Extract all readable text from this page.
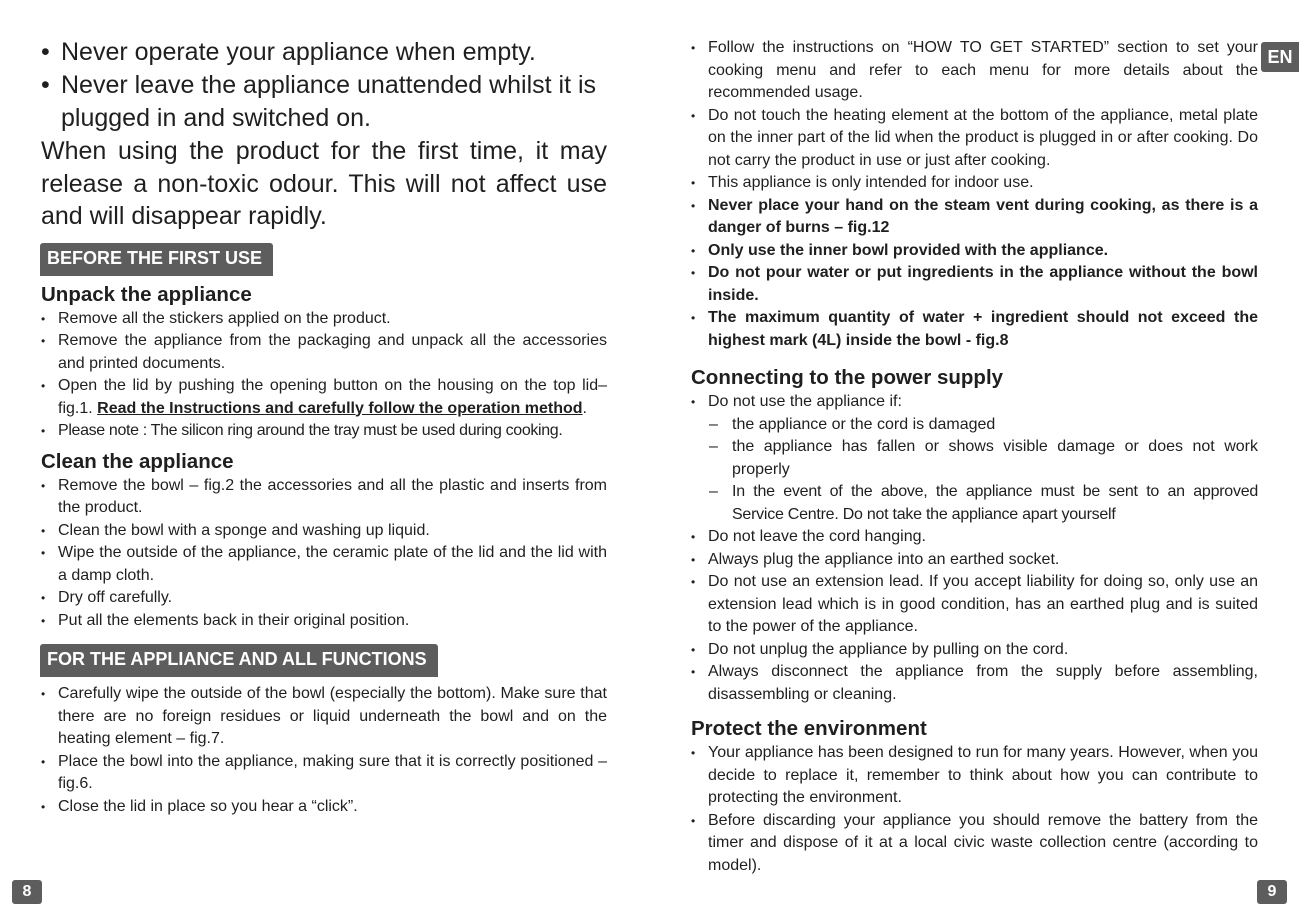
• Never operate your appliance when empty.
• Never leave the appliance unattended whilst it is plugged in and switched on.

When using the product for the first time, it may release a non-toxic odour. This will not affect use and will disappear rapidly.

BEFORE THE FIRST USE
Unpack the appliance
• Remove all the stickers applied on the product.
• Remove the appliance from the packaging and unpack all the accessories and printed documents.
• Open the lid by pushing the opening button on the housing on the top lid– fig.1. Read the Instructions and carefully follow the operation method.
• Please note : The silicon ring around the tray must be used during cooking.
Clean the appliance
• Remove the bowl – fig.2 the accessories and all the plastic and inserts from the product.
• Clean the bowl with a sponge and washing up liquid.
• Wipe the outside of the appliance, the ceramic plate of the lid and the lid with a damp cloth.
• Dry off carefully.
• Put all the elements back in their original position.
FOR THE APPLIANCE AND ALL FUNCTIONS
• Carefully wipe the outside of the bowl (especially the bottom). Make sure that there are no foreign residues or liquid underneath the bowl and on the heating element – fig.7.
• Place the bowl into the appliance, making sure that it is correctly positioned – fig.6.
• Close the lid in place so you hear a “click”.
• Follow the instructions on “HOW TO GET STARTED” section to set your cooking menu and refer to each menu for more details about the recommended usage.
• Do not touch the heating element at the bottom of the appliance, metal plate on the inner part of the lid when the product is plugged in or after cooking. Do not carry the product in use or just after cooking.
• This appliance is only intended for indoor use.
• Never place your hand on the steam vent during cooking, as there is a danger of burns – fig.12
• Only use the inner bowl provided with the appliance.
• Do not pour water or put ingredients in the appliance without the bowl inside.
• The maximum quantity of water + ingredient should not exceed the highest mark (4L) inside the bowl - fig.8
Connecting to the power supply
• Do not use the appliance if:
– the appliance or the cord is damaged
– the appliance has fallen or shows visible damage or does not work properly
– In the event of the above, the appliance must be sent to an approved Service Centre. Do not take the appliance apart yourself
• Do not leave the cord hanging.
• Always plug the appliance into an earthed socket.
• Do not use an extension lead. If you accept liability for doing so, only use an extension lead which is in good condition, has an earthed plug and is suited to the power of the appliance.
• Do not unplug the appliance by pulling on the cord.
• Always disconnect the appliance from the supply before assembling, disassembling or cleaning.
Protect the environment
• Your appliance has been designed to run for many years. However, when you decide to replace it, remember to think about how you can contribute to protecting the environment.
• Before discarding your appliance you should remove the battery from the timer and dispose of it at a local civic waste collection centre (according to model).
EN
8	9
